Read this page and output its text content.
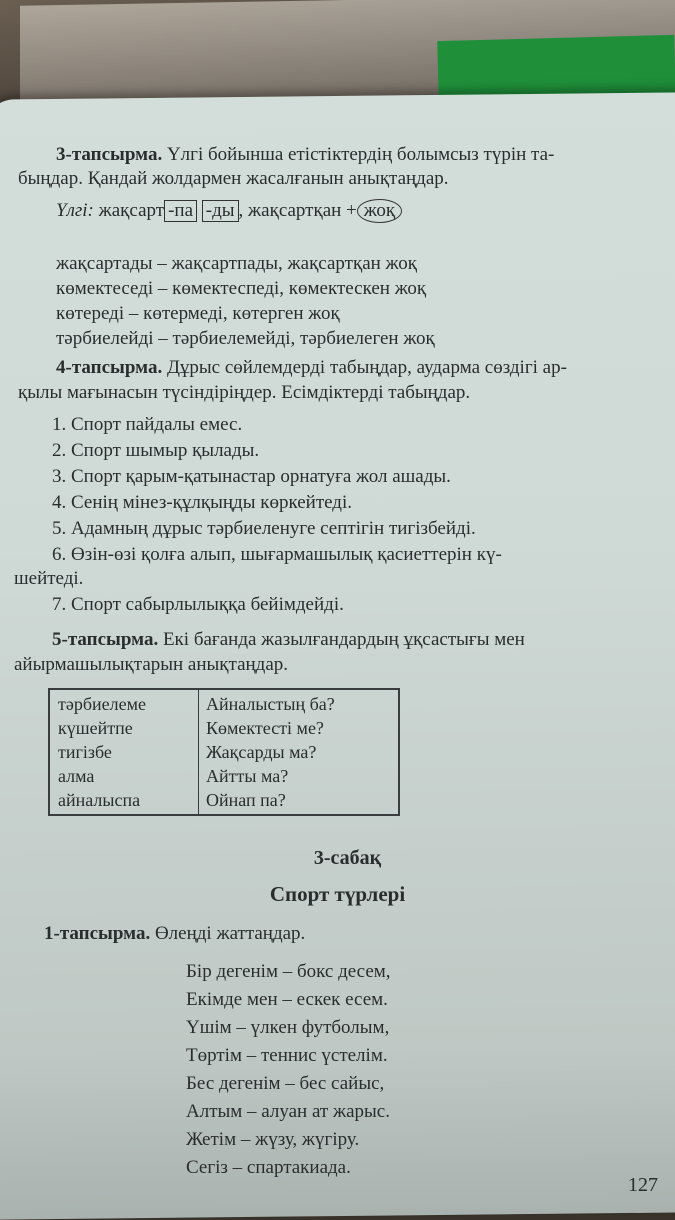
3-тапсырма. Үлгі бойынша етістіктердің болымсыз түрін та-
быңдар. Қандай жолдармен жасалғанын анықтаңдар.
Үлгі: жақсарт -па -ды , жақсартқан + жоқ
жақсартады – жақсартпады, жақсартқан жоқ
көмектеседі – көмектеспеді, көмектескен жоқ
көтереді – көтермеді, көтерген жоқ
тәрбиелейді – тәрбиелемейді, тәрбиелеген жоқ
4-тапсырма. Дұрыс сөйлемдерді табыңдар, аударма сөздігі ар-
қылы мағынасын түсіндіріңдер. Есімдіктерді табыңдар.
1. Спорт пайдалы емес.
2. Спорт шымыр қылады.
3. Спорт қарым-қатынастар орнатуға жол ашады.
4. Сенің мінез-құлқыңды көркейтеді.
5. Адамның дұрыс тәрбиеленуге септігін тигізбейді.
6. Өзін-өзі қолға алып, шығармашылық қасиеттерін кү-
шейтеді.
7. Спорт сабырлылыққа бейімдейді.
5-тапсырма. Екі бағанда жазылғандардың ұқсастығы мен
айырмашылықтарын анықтаңдар.
тәрбиелеме
күшейтпе
тигізбе
алма
айналыспа
Айналыстың ба?
Көмектесті ме?
Жақсарды ма?
Айтты ма?
Ойнап па?
3-сабақ
Спорт түрлері
1-тапсырма. Өлеңді жаттаңдар.
Бір дегенім – бокс десем,
Екімде мен – ескек есем.
Үшім – үлкен футболым,
Төртім – теннис үстелім.
Бес дегенім – бес сайыс,
Алтым – алуан ат жарыс.
Жетім – жүзу, жүгіру.
Сегіз – спартакиада.
127
